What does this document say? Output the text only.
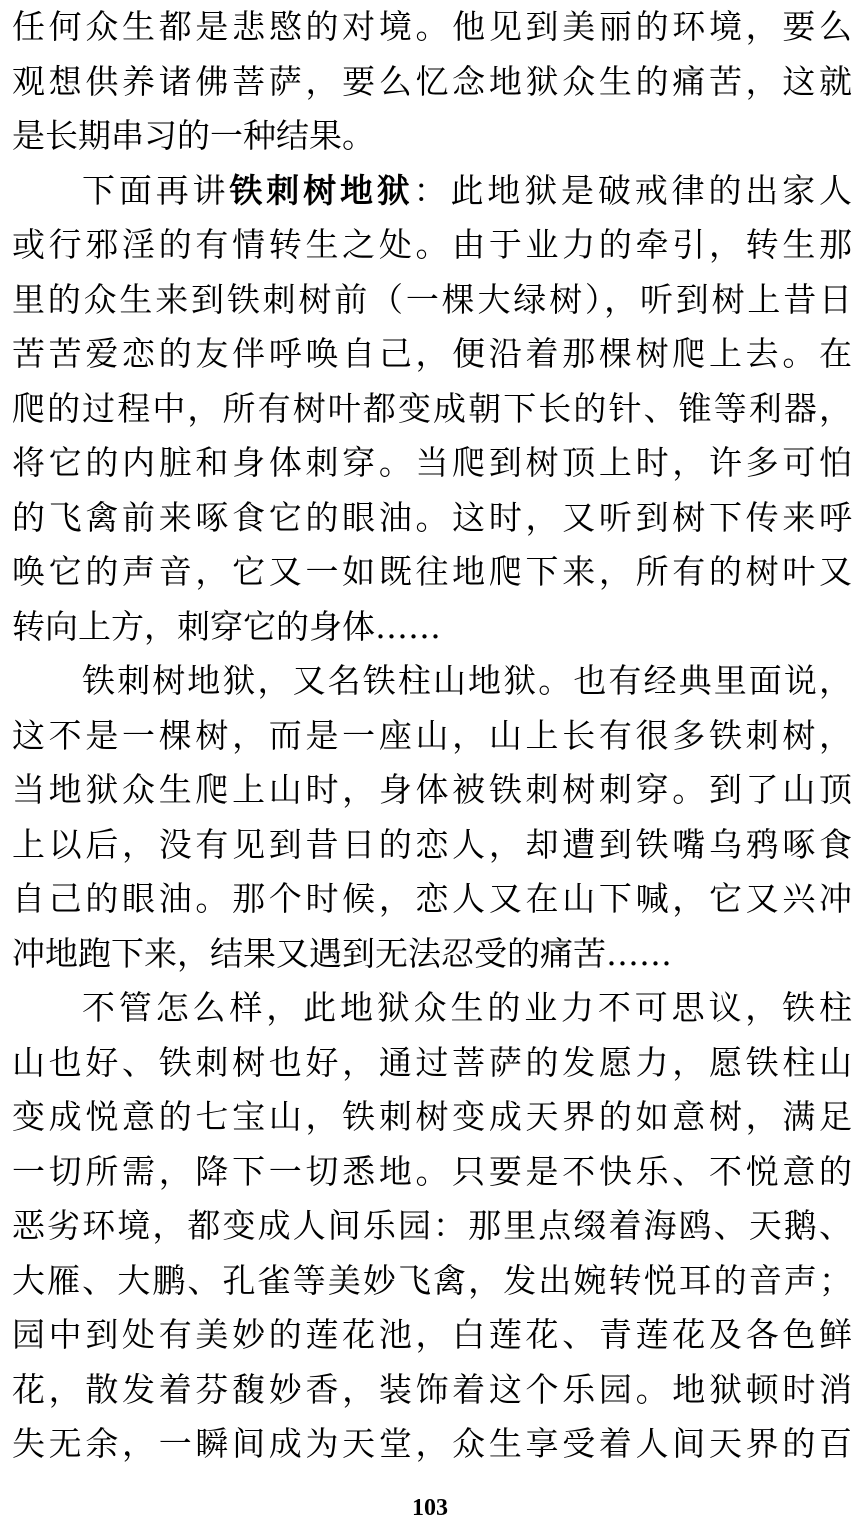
任何众生都是悲愍的对境。他见到美丽的环境，要么
观想供养诸佛菩萨，要么忆念地狱众生的痛苦，这就
是长期串习的一种结果。
下面再讲铁刺树地狱：此地狱是破戒律的出家人
或行邪淫的有情转生之处。由于业力的牵引，转生那
里的众生来到铁刺树前（一棵大绿树），听到树上昔日
苦苦爱恋的友伴呼唤自己，便沿着那棵树爬上去。在
爬的过程中，所有树叶都变成朝下长的针、锥等利器，
将它的内脏和身体刺穿。当爬到树顶上时，许多可怕
的飞禽前来啄食它的眼油。这时，又听到树下传来呼
唤它的声音，它又一如既往地爬下来，所有的树叶又
转向上方，刺穿它的身体……
铁刺树地狱，又名铁柱山地狱。也有经典里面说，
这不是一棵树，而是一座山，山上长有很多铁刺树，
当地狱众生爬上山时，身体被铁刺树刺穿。到了山顶
上以后，没有见到昔日的恋人，却遭到铁嘴乌鸦啄食
自己的眼油。那个时候，恋人又在山下喊，它又兴冲
冲地跑下来，结果又遇到无法忍受的痛苦……
不管怎么样，此地狱众生的业力不可思议，铁柱
山也好、铁刺树也好，通过菩萨的发愿力，愿铁柱山
变成悦意的七宝山，铁刺树变成天界的如意树，满足
一切所需，降下一切悉地。只要是不快乐、不悦意的
恶劣环境，都变成人间乐园：那里点缀着海鸥、天鹅、
大雁、大鹏、孔雀等美妙飞禽，发出婉转悦耳的音声；
园中到处有美妙的莲花池，白莲花、青莲花及各色鲜
花，散发着芬馥妙香，装饰着这个乐园。地狱顿时消
失无余，一瞬间成为天堂，众生享受着人间天界的百
103
